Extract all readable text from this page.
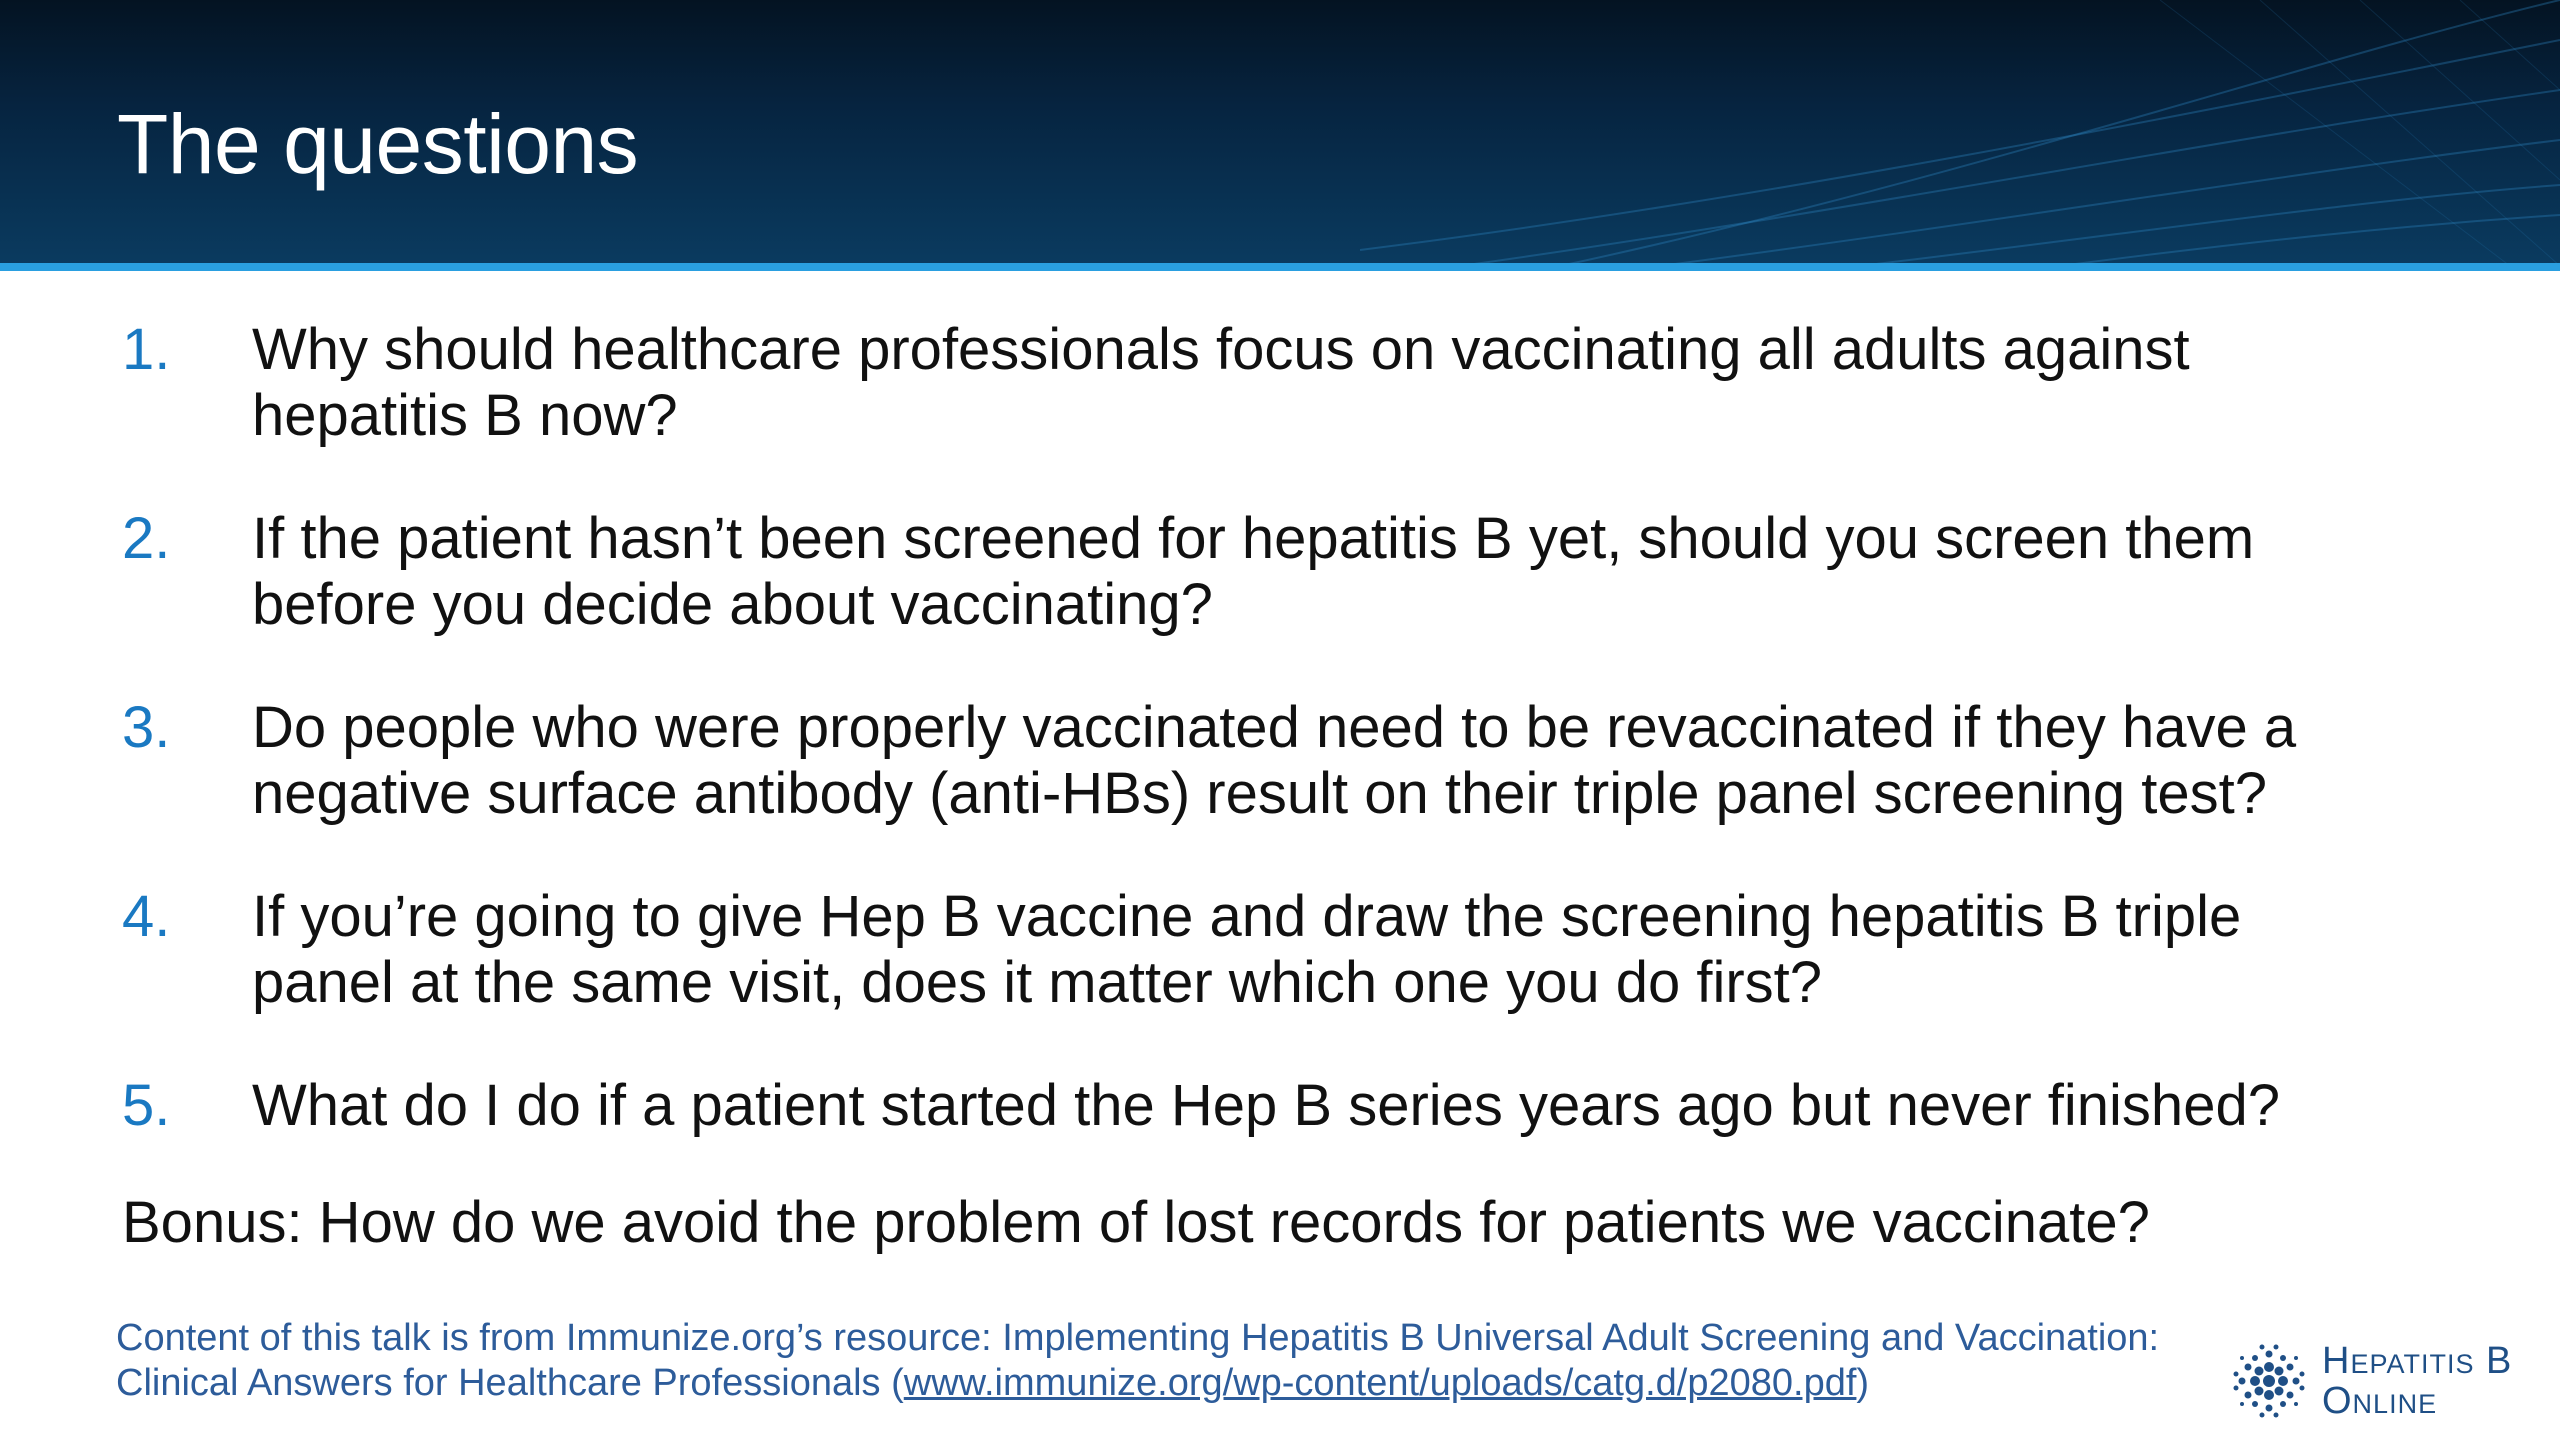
The questions
1.	Why should healthcare professionals focus on vaccinating all adults against
hepatitis B now?
2.	If the patient hasn’t been screened for hepatitis B yet, should you screen them
before you decide about vaccinating?
3.	Do people who were properly vaccinated need to be revaccinated if they have a
negative surface antibody (anti-HBs) result on their triple panel screening test?
4.	If you’re going to give Hep B vaccine and draw the screening hepatitis B triple
panel at the same visit, does it matter which one you do first?
5.	What do I do if a patient started the Hep B series years ago but never finished?

Bonus: How do we avoid the problem of lost records for patients we vaccinate?

Content of this talk is from Immunize.org’s resource: Implementing Hepatitis B Universal Adult Screening and Vaccination:
Clinical Answers for Healthcare Professionals (www.immunize.org/wp-content/uploads/catg.d/p2080.pdf)

Hepatitis B
Online
